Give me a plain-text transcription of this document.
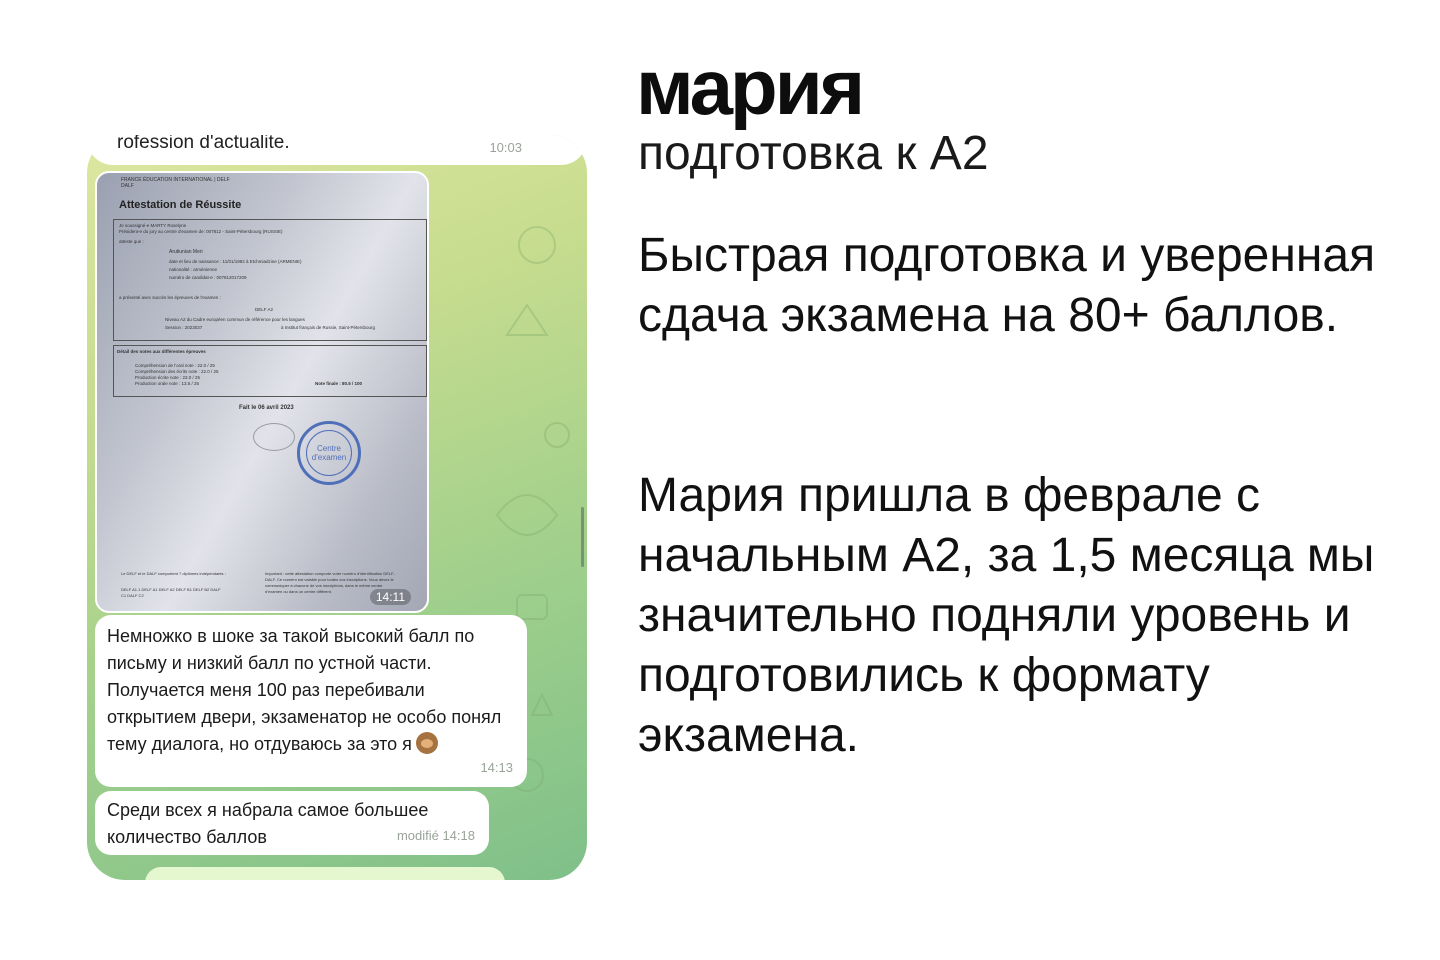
rofession d'actualite.	10:03
FRANCE ÉDUCATION INTERNATIONAL | DELF DALF
Attestation de Réussite
Je soussigné-e MARTY Roselyne
Président-e du jury au centre d'examen de: 007812 - Saint-Pétersbourg (RUSSIE)
atteste que :
Arutiunian Meri
date et lieu de naissance : 11/01/1992 à Etchmiadzine (ARMENIE)
nationalité : arménienne
numéro de candidat-e : 007812017209
a présenté avec succès les épreuves de l'examen :
DELF A2
Niveau A2 du Cadre européen commun de référence pour les langues
Session : 2023037	à Institut français de Russie, Saint-Pétersbourg
Détail des notes aux différentes épreuves
Compréhension de l'oral note : 22.0 / 25
Compréhension des écrits note : 22.0 / 25
Production écrite note : 23.0 / 25
Production orale note : 13.5 / 25	Note finale : 80.5 / 100
Fait le 06 avril 2023
Centre d'examen
Le DELF et le DALF comportent 7 diplômes indépendants :
DELF A1.1 DELF A1 DELF A2 DELF B1 DELF B2 DALF C1 DALF C2
Important : cette attestation comporte votre numéro d'identification DELF-DALF. Ce numéro est valable pour toutes vos inscriptions. Vous devez le communiquer à chacune de vos inscriptions, dans le même centre d'examen ou dans un centre différent.	14:11
Немножко в шоке за такой высокий балл по письму и низкий балл по устной части. Получается меня 100 раз перебивали открытием двери, экзаменатор не особо понял тему диалога, но отдуваюсь за это я
14:13
Среди всех я набрала самое большее количество баллов	modifié 14:18
мария
подготовка к А2

Быстрая подготовка и уверенная сдача экзамена на 80+ баллов.

Мария пришла в феврале с начальным А2, за 1,5 месяца мы значительно подняли уровень и подготовились к формату экзамена.
